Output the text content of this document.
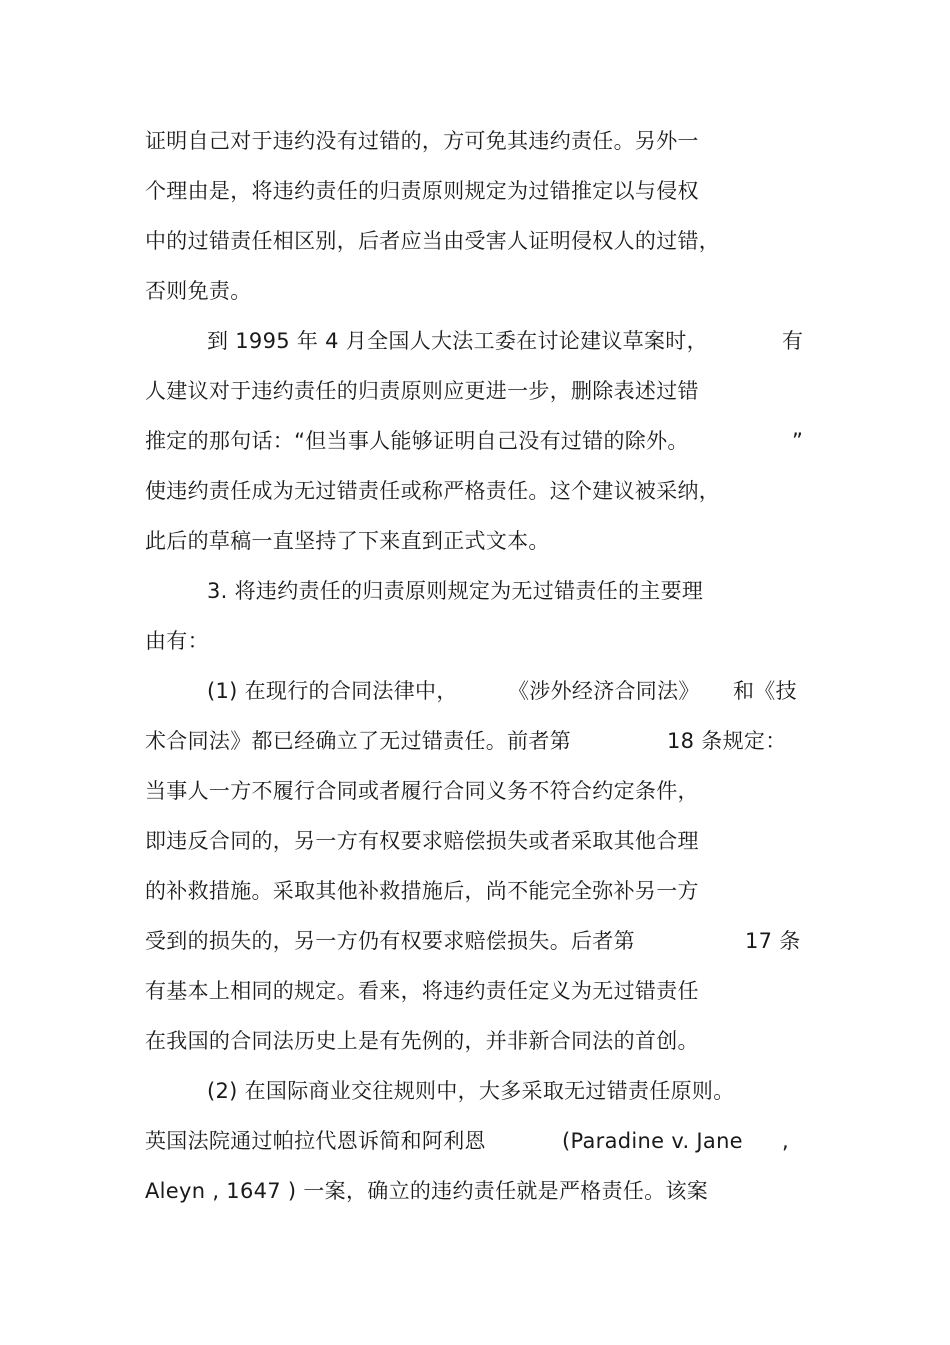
证明自己对于违约没有过错的，方可免其违约责任。另外一
个理由是，将违约责任的归责原则规定为过错推定以与侵权
中的过错责任相区别，后者应当由受害人证明侵权人的过错，
否则免责。
到 1995 年 4 月全国人大法工委在讨论建议草案时，	有
人建议对于违约责任的归责原则应更进一步，删除表述过错
推定的那句话：“但当事人能够证明自己没有过错的除外。	”
使违约责任成为无过错责任或称严格责任。这个建议被采纳，
此后的草稿一直坚持了下来直到正式文本。
3. 将违约责任的归责原则规定为无过错责任的主要理
由有：
(1) 在现行的合同法律中， 《涉外经济合同法》 和《技
术合同法》都已经确立了无过错责任。前者第	18 条规定：
当事人一方不履行合同或者履行合同义务不符合约定条件，
即违反合同的，另一方有权要求赔偿损失或者采取其他合理
的补救措施。采取其他补救措施后，尚不能完全弥补另一方
受到的损失的，另一方仍有权要求赔偿损失。后者第	17 条
有基本上相同的规定。看来，将违约责任定义为无过错责任
在我国的合同法历史上是有先例的，并非新合同法的首创。
(2) 在国际商业交往规则中，大多采取无过错责任原则。
英国法院通过帕拉代恩诉简和阿利恩	(Paradine v. Jane ,
Aleyn , 1647 ) 一案，确立的违约责任就是严格责任。该案
